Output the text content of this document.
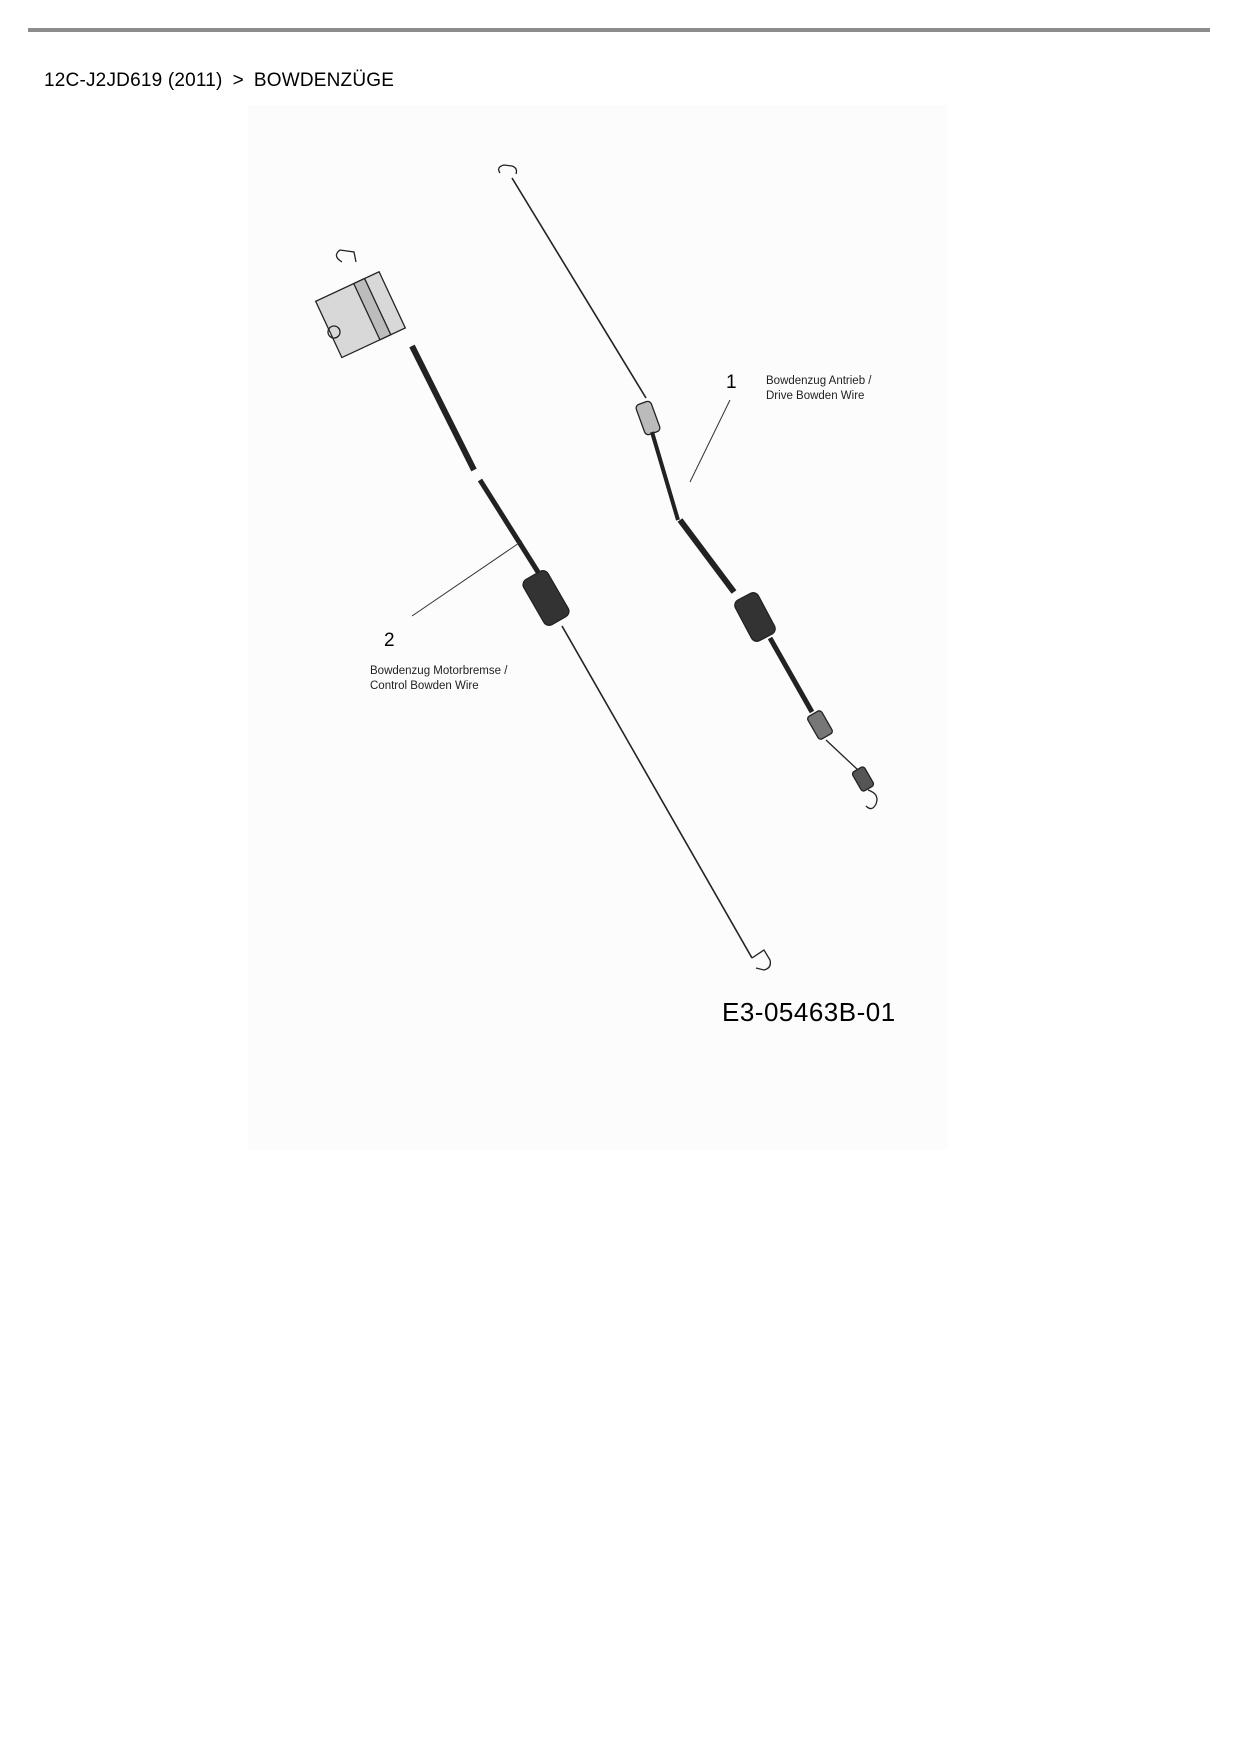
12C-J2JD619 (2011) > BOWDENZÜGE
1	Bowdenzug Antrieb /
Drive Bowden Wire
2
Bowdenzug Motorbremse /
Control Bowden Wire
E3-05463B-01
